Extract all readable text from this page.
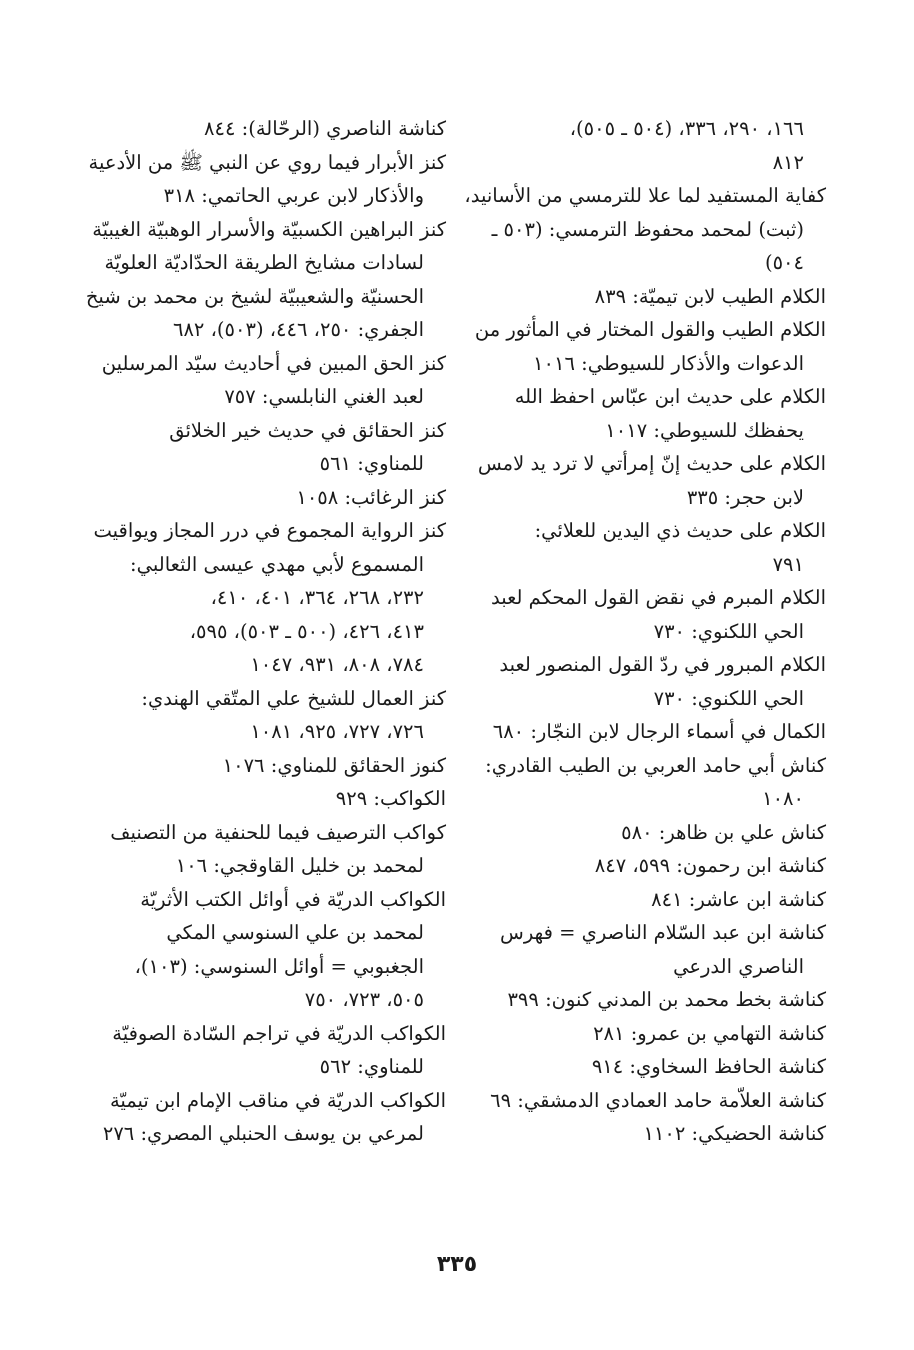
١٦٦، ٢٩٠، ٣٣٦، (٥٠٤ ـ ٥٠٥)،
٨١٢
كفاية المستفيد لما علا للترمسي من الأسانيد،
(ثبت) لمحمد محفوظ الترمسي: (٥٠٣ ـ
٥٠٤)
الكلام الطيب لابن تيميّة: ٨٣٩
الكلام الطيب والقول المختار في المأثور من
الدعوات والأذكار للسيوطي: ١٠١٦
الكلام على حديث ابن عبّاس احفظ الله
يحفظك للسيوطي: ١٠١٧
الكلام على حديث إنّ إمرأتي لا ترد يد لامس
لابن حجر: ٣٣٥
الكلام على حديث ذي اليدين للعلائي:
٧٩١
الكلام المبرم في نقض القول المحكم لعبد
الحي اللكنوي: ٧٣٠
الكلام المبرور في ردّ القول المنصور لعبد
الحي اللكنوي: ٧٣٠
الكمال في أسماء الرجال لابن النجّار: ٦٨٠
كناش أبي حامد العربي بن الطيب القادري:
١٠٨٠
كناش علي بن ظاهر: ٥٨٠
كناشة ابن رحمون: ٥٩٩، ٨٤٧
كناشة ابن عاشر: ٨٤١
كناشة ابن عبد السّلام الناصري = فهرس
الناصري الدرعي
كناشة بخط محمد بن المدني كنون: ٣٩٩
كناشة التهامي بن عمرو: ٢٨١
كناشة الحافظ السخاوي: ٩١٤
كناشة العلاّمة حامد العمادي الدمشقي: ٦٩
كناشة الحضيكي: ١١٠٢
كناشة الناصري (الرحّالة): ٨٤٤
كنز الأبرار فيما روي عن النبي ﷺ من الأدعية
والأذكار لابن عربي الحاتمي: ٣١٨
كنز البراهين الكسبيّة والأسرار الوهبيّة الغيبيّة
لسادات مشايخ الطريقة الحدّاديّة العلويّة
الحسنيّة والشعيبيّة لشيخ بن محمد بن شيخ
الجفري: ٢٥٠، ٤٤٦، (٥٠٣)، ٦٨٢
كنز الحق المبين في أحاديث سيّد المرسلين
لعبد الغني النابلسي: ٧٥٧
كنز الحقائق في حديث خير الخلائق
للمناوي: ٥٦١
كنز الرغائب: ١٠٥٨
كنز الرواية المجموع في درر المجاز ويواقيت
المسموع لأبي مهدي عيسى الثعالبي:
٢٣٢، ٢٦٨، ٣٦٤، ٤٠١، ٤١٠،
٤١٣، ٤٢٦، (٥٠٠ ـ ٥٠٣)، ٥٩٥،
٧٨٤، ٨٠٨، ٩٣١، ١٠٤٧
كنز العمال للشيخ علي المتّقي الهندي:
٧٢٦، ٧٢٧، ٩٢٥، ١٠٨١
كنوز الحقائق للمناوي: ١٠٧٦
الكواكب: ٩٢٩
كواكب الترصيف فيما للحنفية من التصنيف
لمحمد بن خليل القاوقجي: ١٠٦
الكواكب الدريّة في أوائل الكتب الأثريّة
لمحمد بن علي السنوسي المكي
الجغبوبي = أوائل السنوسي: (١٠٣)،
٥٠٥، ٧٢٣، ٧٥٠
الكواكب الدريّة في تراجم السّادة الصوفيّة
للمناوي: ٥٦٢
الكواكب الدريّة في مناقب الإمام ابن تيميّة
لمرعي بن يوسف الحنبلي المصري: ٢٧٦
٣٣٥
